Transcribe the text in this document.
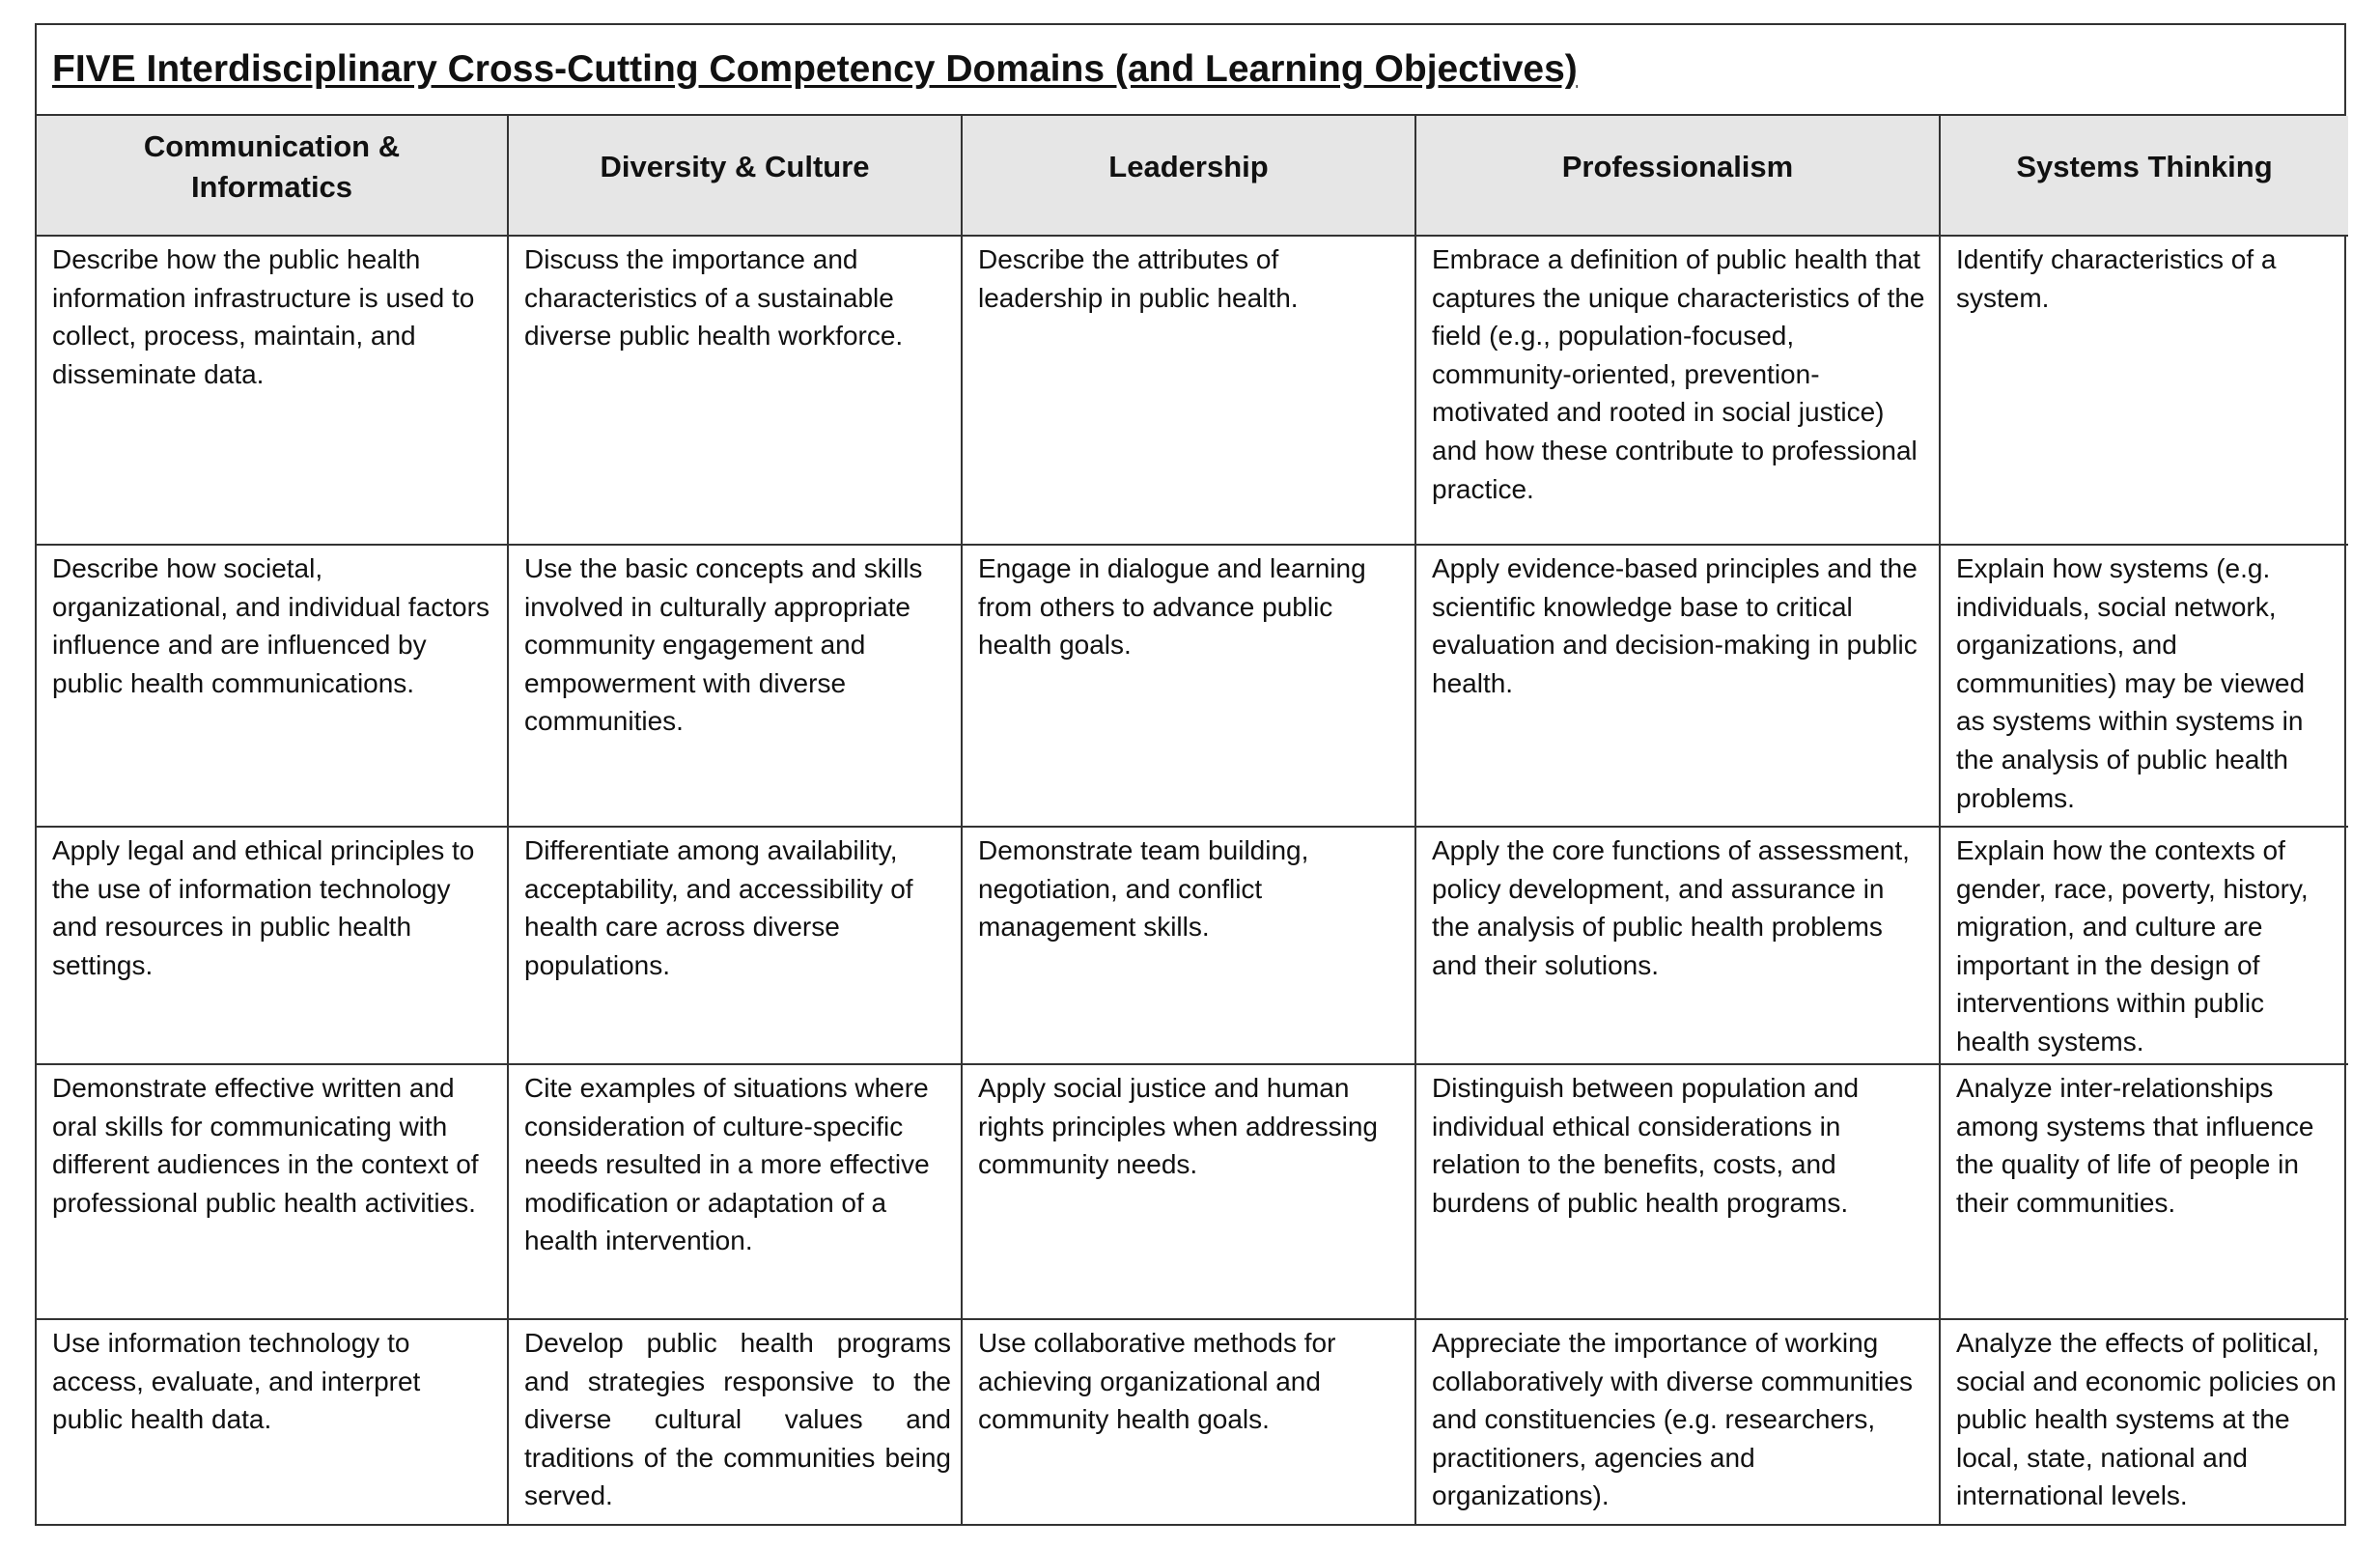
FIVE Interdisciplinary Cross-Cutting Competency Domains (and Learning Objectives)
Communication & Informatics	Diversity & Culture	Leadership	Professionalism	Systems Thinking
Describe how the public health information infrastructure is used to collect, process, maintain, and disseminate data.	Discuss the importance and characteristics of a sustainable diverse public health workforce.	Describe the attributes of leadership in public health.	Embrace a definition of public health that captures the unique characteristics of the field (e.g., population-focused, community-oriented, prevention- motivated and rooted in social justice) and how these contribute to professional practice.	Identify characteristics of a system.
Describe how societal, organizational, and individual factors influence and are influenced by public health communications.	Use the basic concepts and skills involved in culturally appropriate community engagement and empowerment with diverse communities.	Engage in dialogue and learning from others to advance public health goals.	Apply evidence-based principles and the scientific knowledge base to critical evaluation and decision-making in public health.	Explain how systems (e.g. individuals, social network, organizations, and communities) may be viewed as systems within systems in the analysis of public health problems.
Apply legal and ethical principles to the use of information technology and resources in public health settings.	Differentiate among availability, acceptability, and accessibility of health care across diverse populations.	Demonstrate team building, negotiation, and conflict management skills.	Apply the core functions of assessment, policy development, and assurance in the analysis of public health problems and their solutions.	Explain how the contexts of gender, race, poverty, history, migration, and culture are important in the design of interventions within public health systems.
Demonstrate effective written and oral skills for communicating with different audiences in the context of professional public health activities.	Cite examples of situations where consideration of culture-specific needs resulted in a more effective modification or adaptation of a health intervention.	Apply social justice and human rights principles when addressing community needs.	Distinguish between population and individual ethical considerations in relation to the benefits, costs, and burdens of public health programs.	Analyze inter-relationships among systems that influence the quality of life of people in their communities.
Use information technology to access, evaluate, and interpret public health data.	Develop public health programs and strategies responsive to the diverse cultural values and traditions of the communities being served.	Use collaborative methods for achieving organizational and community health goals.	Appreciate the importance of working collaboratively with diverse communities and constituencies (e.g. researchers, practitioners, agencies and organizations).	Analyze the effects of political, social and economic policies on public health systems at the local, state, national and international levels.
